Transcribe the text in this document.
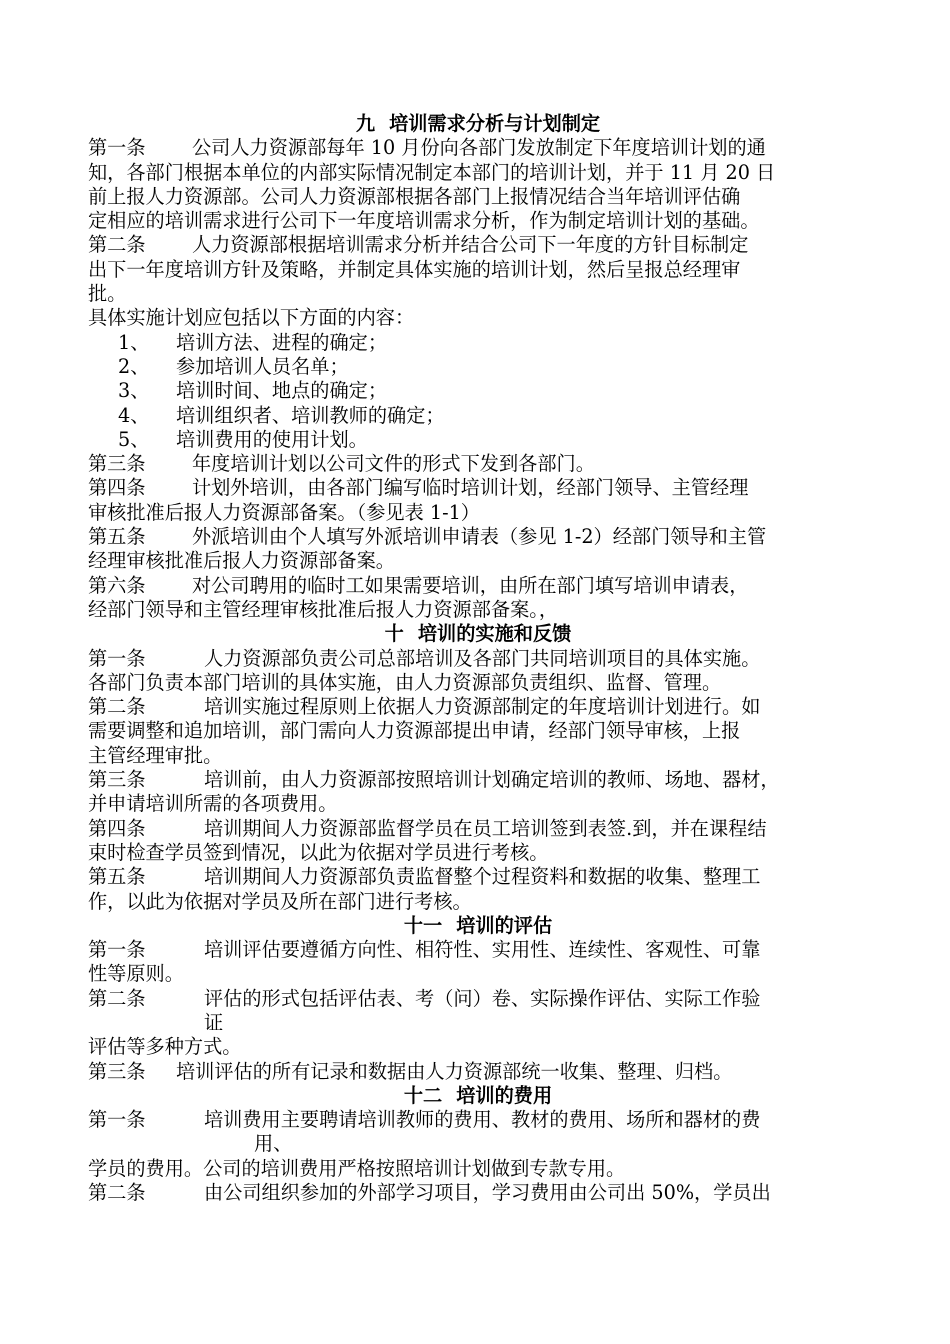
九 培训需求分析与计划制定
第一条 公司人力资源部每年 10 月份向各部门发放制定下年度培训计划的通
知，各部门根据本单位的内部实际情况制定本部门的培训计划，并于 11 月 20 日
前上报人力资源部。公司人力资源部根据各部门上报情况结合当年培训评估确
定相应的培训需求进行公司下一年度培训需求分析，作为制定培训计划的基础。
第二条 人力资源部根据培训需求分析并结合公司下一年度的方针目标制定
出下一年度培训方针及策略，并制定具体实施的培训计划，然后呈报总经理审
批。
具体实施计划应包括以下方面的内容：
1、 培训方法、进程的确定；
2、 参加培训人员名单；
3、 培训时间、地点的确定；
4、 培训组织者、培训教师的确定；
5、 培训费用的使用计划。
第三条 年度培训计划以公司文件的形式下发到各部门。
第四条 计划外培训，由各部门编写临时培训计划，经部门领导、主管经理
审核批准后报人力资源部备案。（参见表 1-1）
第五条 外派培训由个人填写外派培训申请表（参见 1-2）经部门领导和主管
经理审核批准后报人力资源部备案。
第六条 对公司聘用的临时工如果需要培训，由所在部门填写培训申请表，
经部门领导和主管经理审核批准后报人力资源部备案。，
十 培训的实施和反馈
第一条	人力资源部负责公司总部培训及各部门共同培训项目的具体实施。
各部门负责本部门培训的具体实施，由人力资源部负责组织、监督、管理。
第二条	培训实施过程原则上依据人力资源部制定的年度培训计划进行。如
需要调整和追加培训，部门需向人力资源部提出申请，经部门领导审核，上报
主管经理审批。
第三条	培训前，由人力资源部按照培训计划确定培训的教师、场地、器材，
并申请培训所需的各项费用。
第四条	培训期间人力资源部监督学员在员工培训签到表签.到，并在课程结
束时检查学员签到情况，以此为依据对学员进行考核。
第五条	培训期间人力资源部负责监督整个过程资料和数据的收集、整理工
作，以此为依据对学员及所在部门进行考核。
十一 培训的评估
第一条	培训评估要遵循方向性、相符性、实用性、连续性、客观性、可靠
性等原则。
第二条	评估的形式包括评估表、考（问）卷、实际操作评估、实际工作验
证
评估等多种方式。
第三条 培训评估的所有记录和数据由人力资源部统一收集、整理、归档。
十二 培训的费用
第一条	培训费用主要聘请培训教师的费用、教材的费用、场所和器材的费
用、
学员的费用。公司的培训费用严格按照培训计划做到专款专用。
第二条	由公司组织参加的外部学习项目，学习费用由公司出 50%，学员出
